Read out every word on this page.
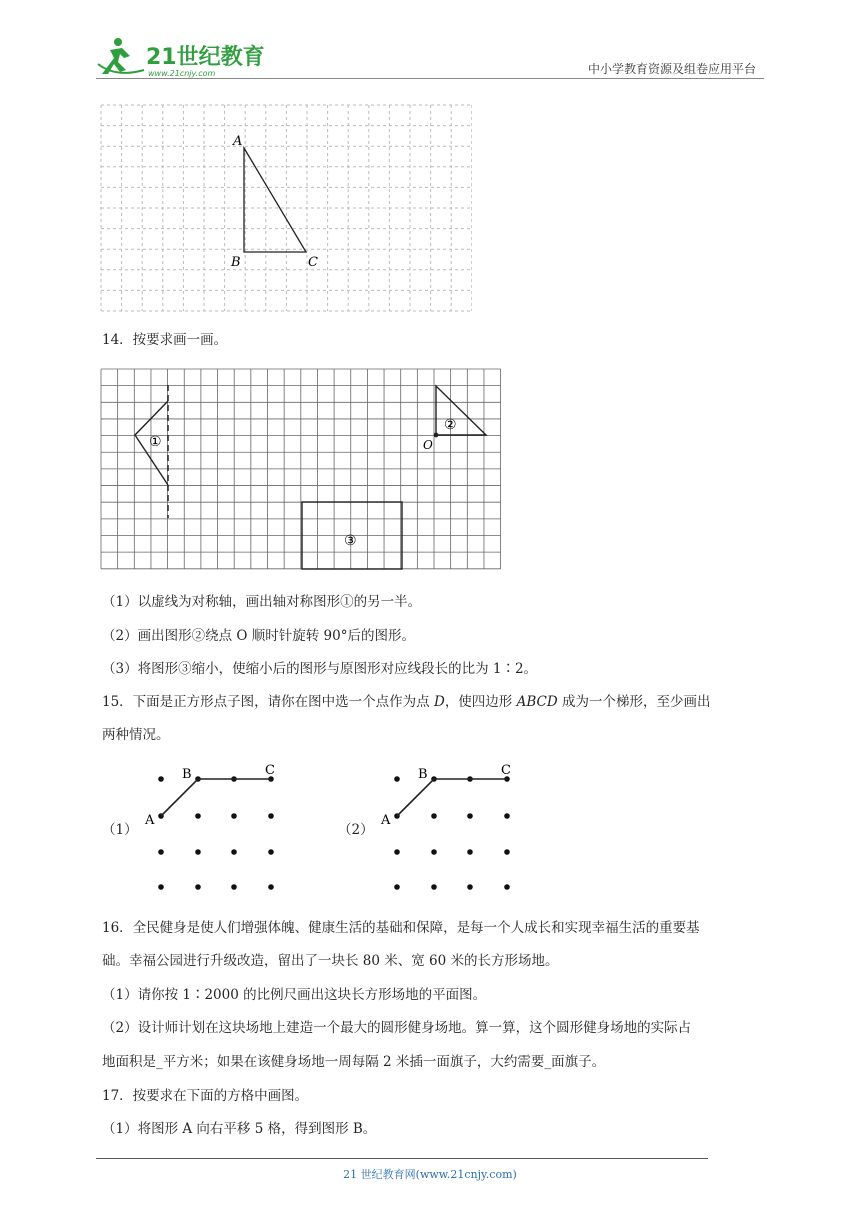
21世纪教育
www.21cnjy.com	中小学教育资源及组卷应用平台
A
B	C
14．按要求画一画。
①
②
O
③
（1）以虚线为对称轴，画出轴对称图形①的另一半。
（2）画出图形②绕点 O 顺时针旋转 90°后的图形。
（3）将图形③缩小，使缩小后的图形与原图形对应线段长的比为 1∶2。
15．下面是正方形点子图，请你在图中选一个点作为点 D，使四边形 ABCD 成为一个梯形，至少画出
两种情况。
（1）
A
B	C
（2）
A
B	C
16．全民健身是使人们增强体魄、健康生活的基础和保障，是每一个人成长和实现幸福生活的重要基
础。幸福公园进行升级改造，留出了一块长 80 米、宽 60 米的长方形场地。
（1）请你按 1∶2000 的比例尺画出这块长方形场地的平面图。
（2）设计师计划在这块场地上建造一个最大的圆形健身场地。算一算，这个圆形健身场地的实际占
地面积是_平方米；如果在该健身场地一周每隔 2 米插一面旗子，大约需要_面旗子。
17．按要求在下面的方格中画图。
（1）将图形 A 向右平移 5 格，得到图形 B。
21 世纪教育网(www.21cnjy.com)
